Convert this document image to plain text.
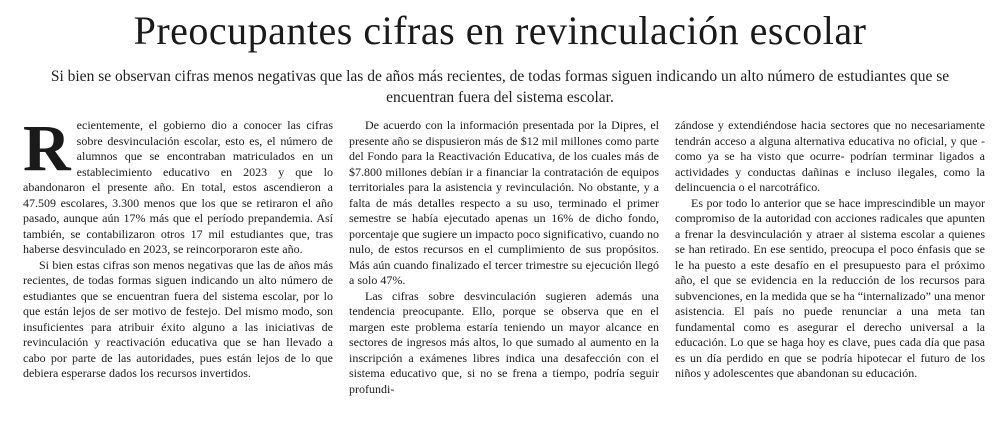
Preocupantes cifras en revinculación escolar
Si bien se observan cifras menos negativas que las de años más recientes, de todas formas siguen indicando un alto número de estudiantes que se encuentran fuera del sistema escolar.

Recientemente, el gobierno dio a conocer las cifras sobre desvinculación escolar, esto es, el número de alumnos que se encontraban matriculados en un establecimiento educativo en 2023 y que lo abandonaron el presente año. En total, estos ascendieron a 47.509 escolares, 3.300 menos que los que se retiraron el año pasado, aunque aún 17% más que el período prepandemia. Así también, se contabilizaron otros 17 mil estudiantes que, tras haberse desvinculado en 2023, se reincorporaron este año.

Si bien estas cifras son menos negativas que las de años más recientes, de todas formas siguen indicando un alto número de estudiantes que se encuentran fuera del sistema escolar, por lo que están lejos de ser motivo de festejo. Del mismo modo, son insuficientes para atribuir éxito alguno a las iniciativas de revinculación y reactivación educativa que se han llevado a cabo por parte de las autoridades, pues están lejos de lo que debiera esperarse dados los recursos invertidos.

De acuerdo con la información presentada por la Dipres, el presente año se dispusieron más de $12 mil millones como parte del Fondo para la Reactivación Educativa, de los cuales más de $7.800 millones debían ir a financiar la contratación de equipos territoriales para la asistencia y revinculación. No obstante, y a falta de más detalles respecto a su uso, terminado el primer semestre se había ejecutado apenas un 16% de dicho fondo, porcentaje que sugiere un impacto poco significativo, cuando no nulo, de estos recursos en el cumplimiento de sus propósitos. Más aún cuando finalizado el tercer trimestre su ejecución llegó a solo 47%.

Las cifras sobre desvinculación sugieren además una tendencia preocupante. Ello, porque se observa que en el margen este problema estaría teniendo un mayor alcance en sectores de ingresos más altos, lo que sumado al aumento en la inscripción a exámenes libres indica una desafección con el sistema educativo que, si no se frena a tiempo, podría seguir profundi-

zándose y extendiéndose hacia sectores que no necesariamente tendrán acceso a alguna alternativa educativa no oficial, y que -como ya se ha visto que ocurre- podrían terminar ligados a actividades y conductas dañinas e incluso ilegales, como la delincuencia o el narcotráfico.

Es por todo lo anterior que se hace imprescindible un mayor compromiso de la autoridad con acciones radicales que apunten a frenar la desvinculación y atraer al sistema escolar a quienes se han retirado. En ese sentido, preocupa el poco énfasis que se le ha puesto a este desafío en el presupuesto para el próximo año, el que se evidencia en la reducción de los recursos para subvenciones, en la medida que se ha “internalizado” una menor asistencia. El país no puede renunciar a una meta tan fundamental como es asegurar el derecho universal a la educación. Lo que se haga hoy es clave, pues cada día que pasa es un día perdido en que se podría hipotecar el futuro de los niños y adolescentes que abandonan su educación.
